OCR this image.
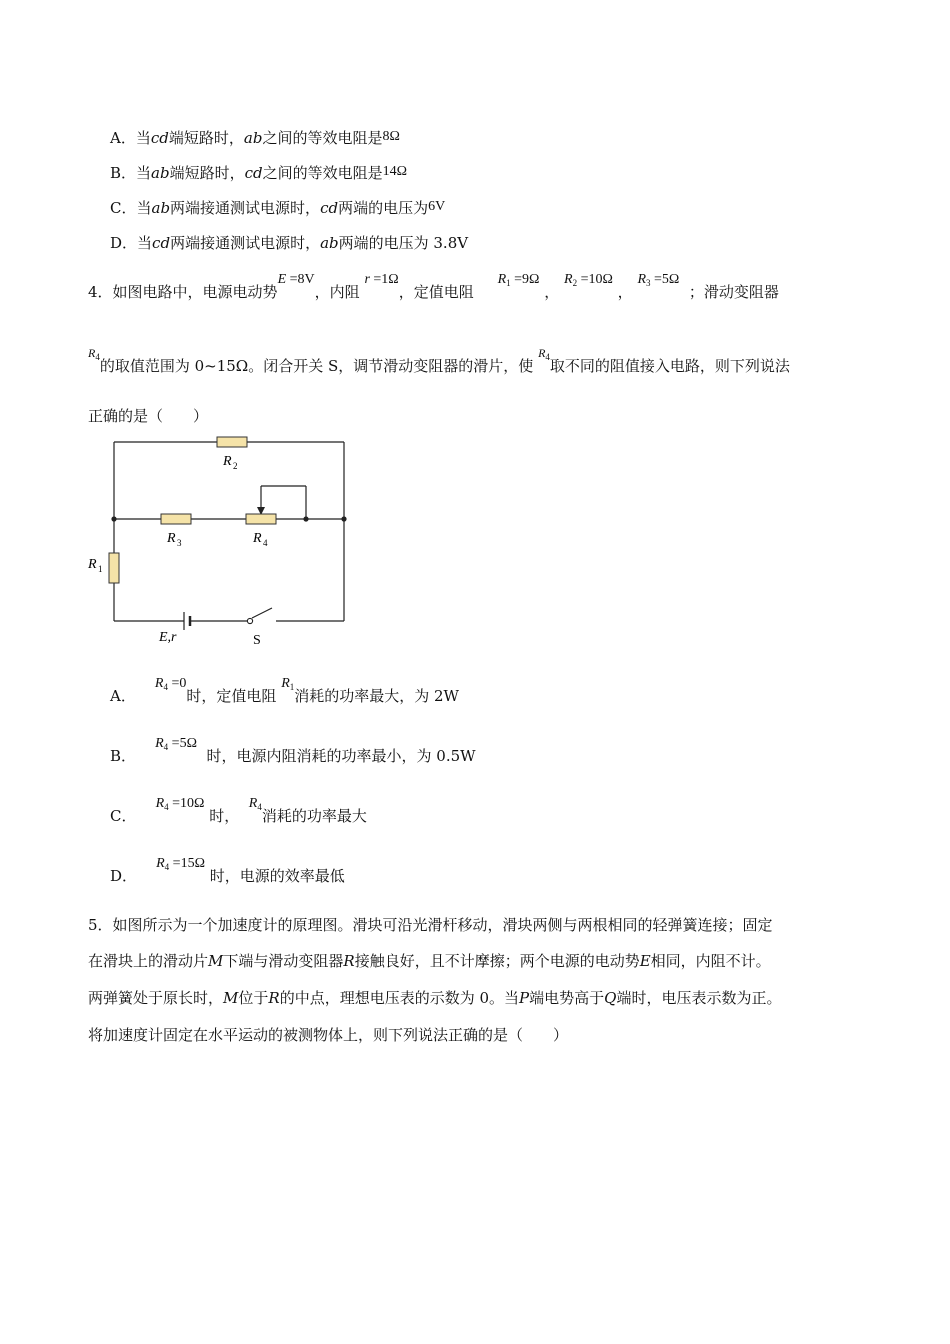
A．当cd端短路时，ab之间的等效电阻是8Ω
B．当ab端短路时，cd之间的等效电阻是14Ω
C．当ab两端接通测试电源时，cd两端的电压为6V
D．当cd两端接通测试电源时，ab两端的电压为 3.8V
4．如图电路中，电源电动势E =8V，内阻 r =1Ω，定值电阻     $R_1 =9\Omega$ ， $R_2 =10\Omega$ ， $R_3 =5\Omega$  ；滑动变阻器
$^{R_4}$的取值范围为 0~15Ω。闭合开关 S，调节滑动变阻器的滑片，使 $^{R_4}$取不同的阻值接入电路，则下列说法
正确的是（　　）
R 2
R 3	R 4
R 1
E,r	S
A．    $R_4 =0$时，定值电阻 $R_1$消耗的功率最大，为 2W
B．    $R_4 =5\Omega$  时，电源内阻消耗的功率最小，为 0.5W
C．    $R_4 =10\Omega$ 时，  $R_4$消耗的功率最大
D．    $R_4 =15\Omega$ 时，电源的效率最低
5．如图所示为一个加速度计的原理图。滑块可沿光滑杆移动，滑块两侧与两根相同的轻弹簧连接；固定
在滑块上的滑动片M下端与滑动变阻器R接触良好，且不计摩擦；两个电源的电动势E相同，内阻不计。
两弹簧处于原长时，M位于R的中点，理想电压表的示数为 0。当P端电势高于Q端时，电压表示数为正。
将加速度计固定在水平运动的被测物体上，则下列说法正确的是（　　）
